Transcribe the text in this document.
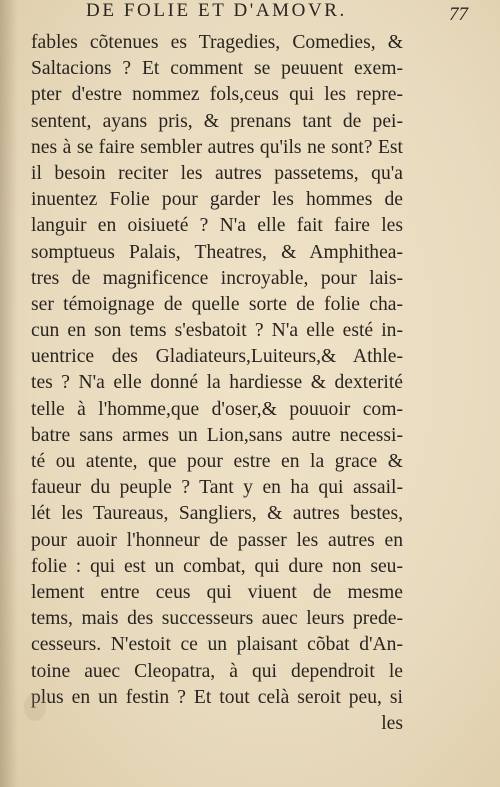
DE FOLIE ET D'AMOVR.	77
fables cõtenues es Tragedies, Comedies, &
Saltacions ? Et comment se peuuent exem-
pter d'estre nommez fols,ceus qui les repre-
sentent, ayans pris, & prenans tant de pei-
nes à se faire sembler autres qu'ils ne sont? Est
il besoin reciter les autres passetems, qu'a
inuentez Folie pour garder les hommes de
languir en oisiueté ? N'a elle fait faire les
somptueus Palais, Theatres, & Amphithea-
tres de magnificence incroyable, pour lais-
ser témoignage de quelle sorte de folie cha-
cun en son tems s'esbatoit ? N'a elle esté in-
uentrice des Gladiateurs,Luiteurs,& Athle-
tes ? N'a elle donné la hardiesse & dexterité
telle à l'homme,que d'oser,& pouuoir com-
batre sans armes un Lion,sans autre necessi-
té ou atente, que pour estre en la grace &
faueur du peuple ? Tant y en ha qui assail-
lét les Taureaus, Sangliers, & autres bestes,
pour auoir l'honneur de passer les autres en
folie : qui est un combat, qui dure non seu-
lement entre ceus qui viuent de mesme
tems, mais des successeurs auec leurs prede-
cesseurs. N'estoit ce un plaisant cõbat d'An-
toine auec Cleopatra, à qui dependroit le
plus en un festin ? Et tout celà seroit peu, si
les
